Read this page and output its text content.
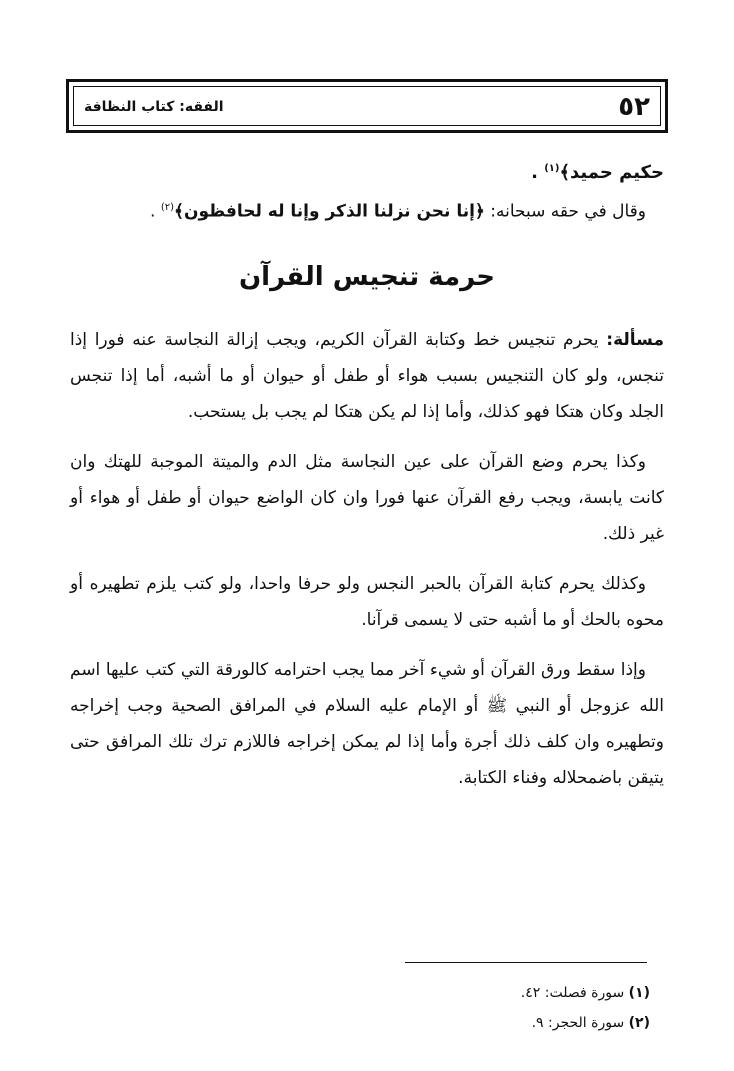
٥٢
الفقه: كتاب النظافة
حكيم حميد﴾$^{(١)}$ .
وقال في حقه سبحانه: ﴿إنا نحن نزلنا الذكر وإنا له لحافظون﴾$^{(٢)}$ .
حرمة تنجيس القرآن

مسألة: يحرم تنجيس خط وكتابة القرآن الكريم، ويجب إزالة النجاسة عنه فورا إذا تنجس، ولو كان التنجيس بسبب هواء أو طفل أو حيوان أو ما أشبه، أما إذا تنجس الجلد وكان هتكا فهو كذلك، وأما إذا لم يكن هتكا لم يجب بل يستحب.

وكذا يحرم وضع القرآن على عين النجاسة مثل الدم والميتة الموجبة للهتك وان كانت يابسة، ويجب رفع القرآن عنها فورا وان كان الواضع حيوان أو طفل أو هواء أو غير ذلك.

وكذلك يحرم كتابة القرآن بالحبر النجس ولو حرفا واحدا، ولو كتب يلزم تطهيره أو محوه بالحك أو ما أشبه حتى لا يسمى قرآنا.

وإذا سقط ورق القرآن أو شيء آخر مما يجب احترامه كالورقة التي كتب عليها اسم الله عزوجل أو النبي ﷺ أو الإمام عليه السلام في المرافق الصحية وجب إخراجه وتطهيره وان كلف ذلك أجرة وأما إذا لم يمكن إخراجه فاللازم ترك تلك المرافق حتى يتيقن باضمحلاله وفناء الكتابة.

(١) سورة فصلت: ٤٢.
(٢) سورة الحجر: ٩.
